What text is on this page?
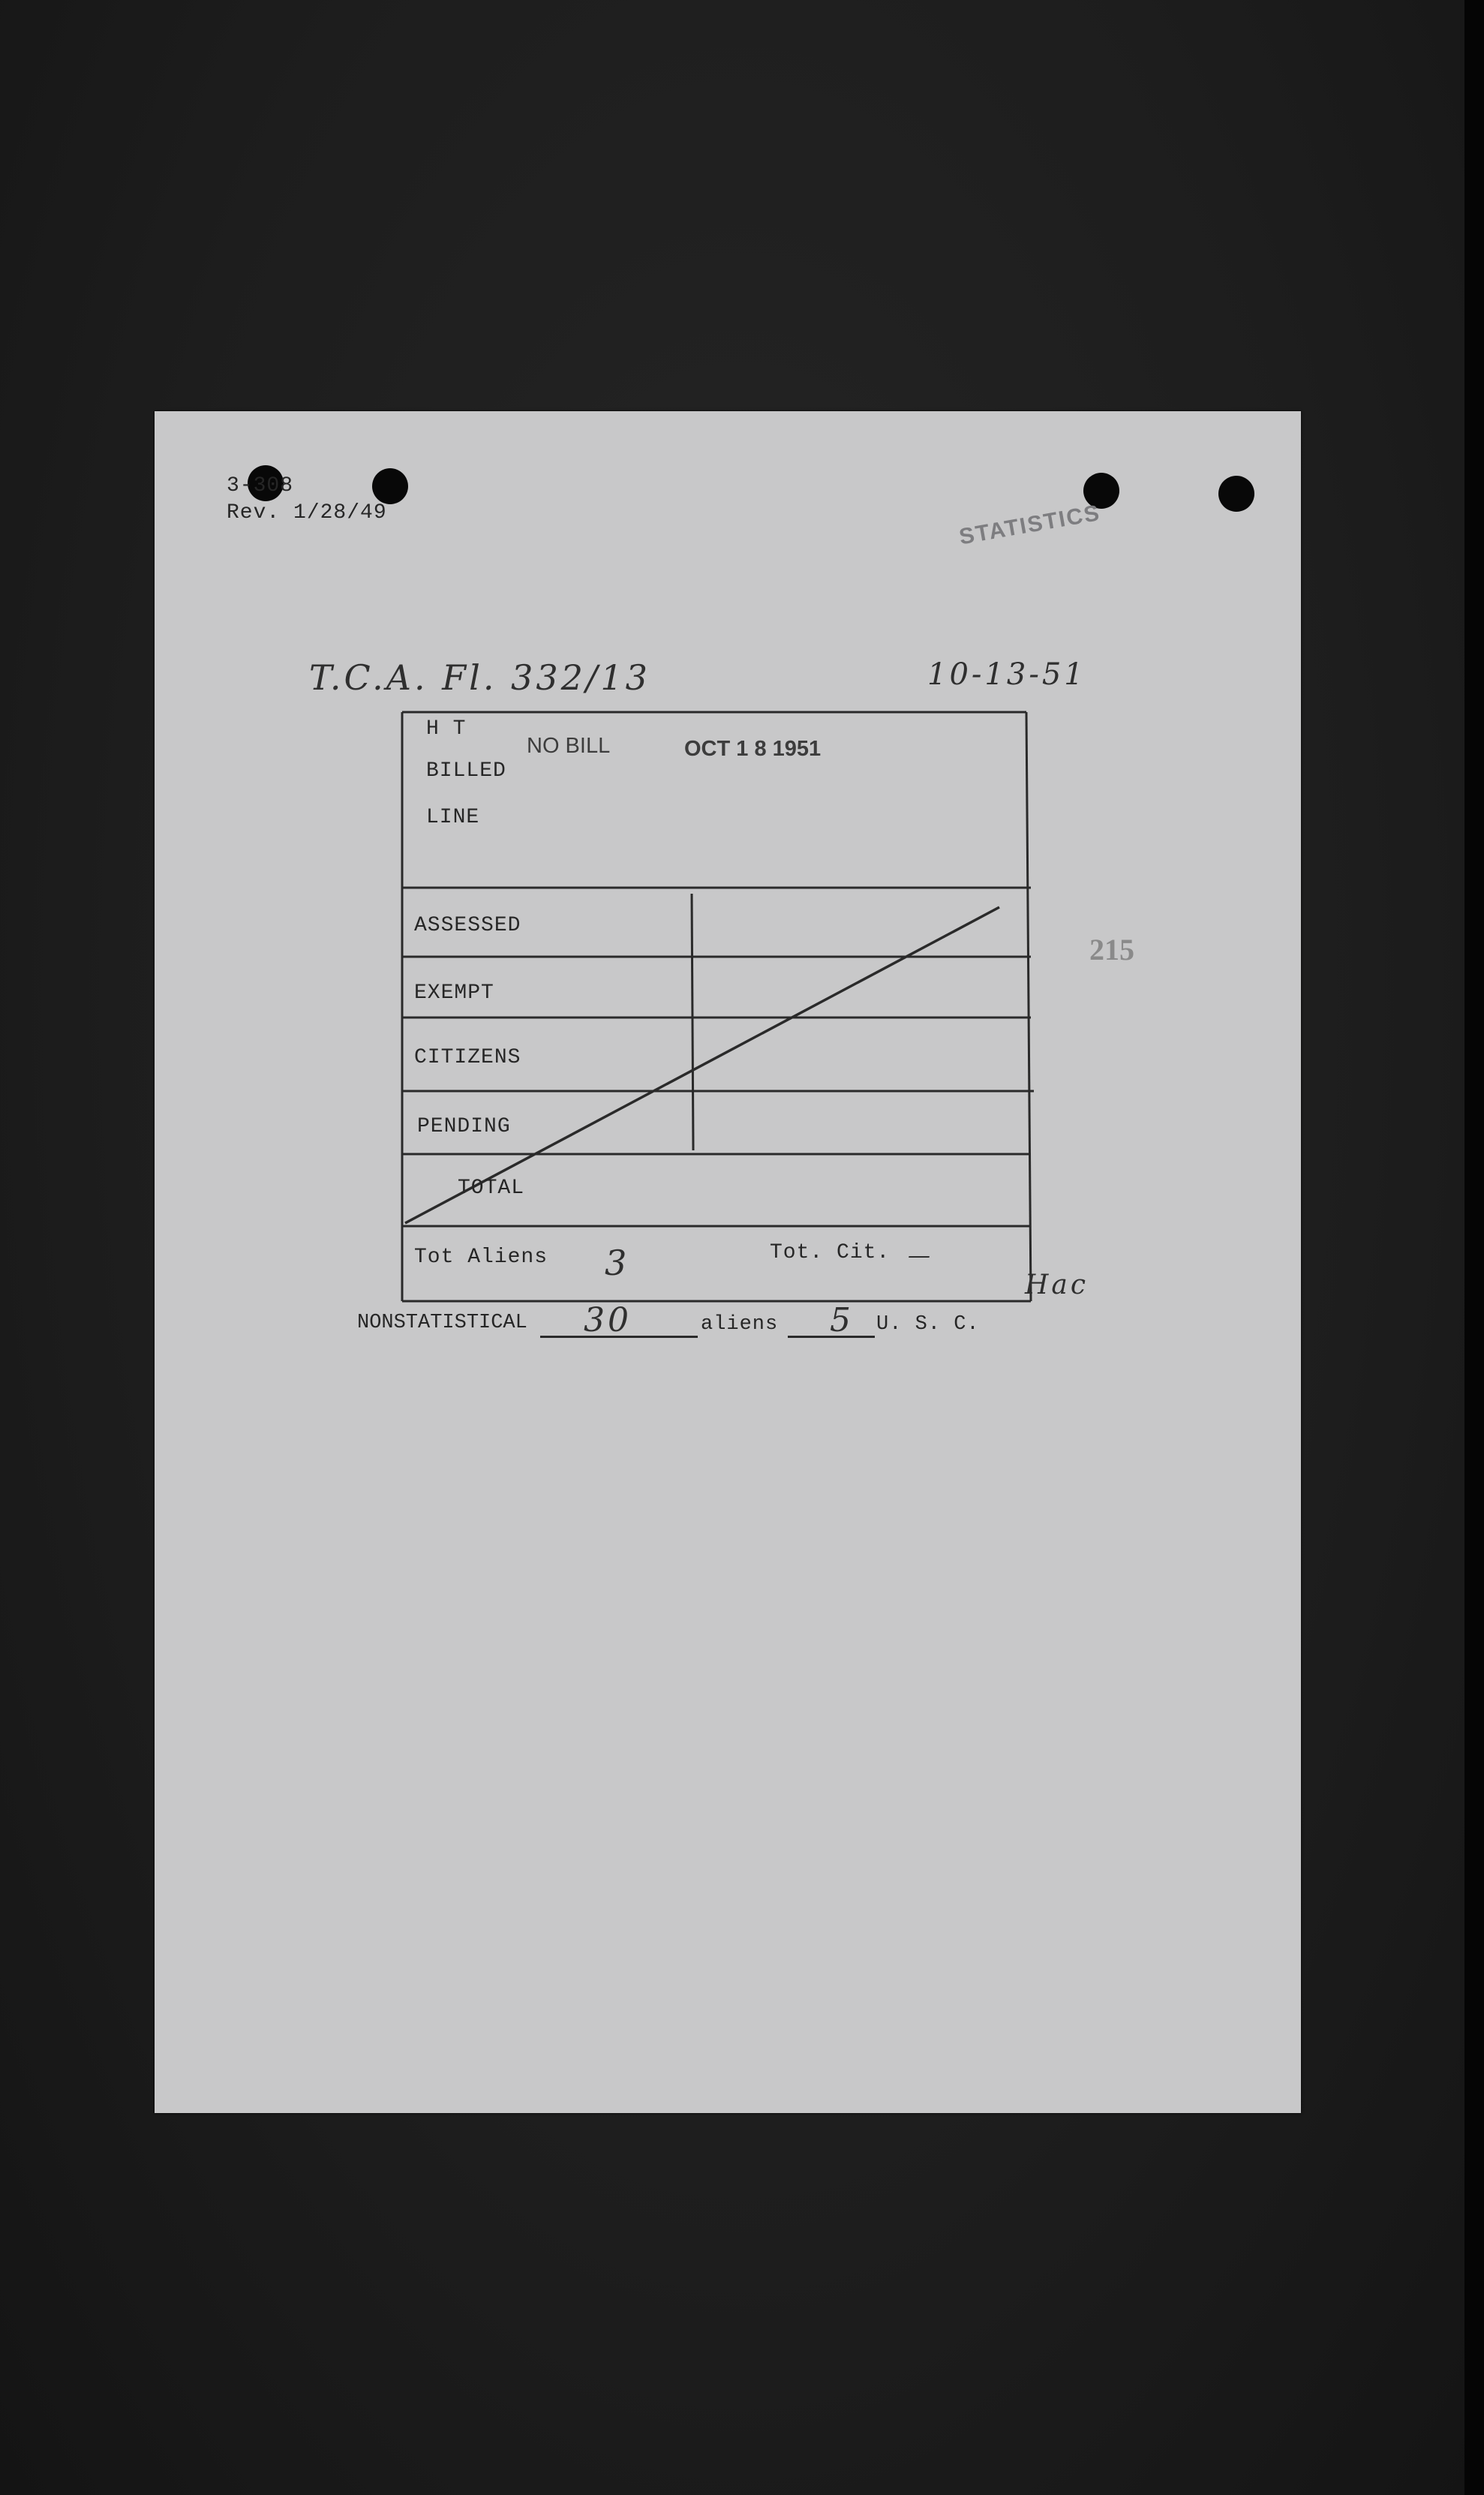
3-308
Rev. 1/28/49	STATISTICS
T.C.A. Fl. 332/13	10-13-51
H T
BILLED
LINE
NO BILL	OCT 1 8 1951
ASSESSED
EXEMPT
CITIZENS
PENDING
TOTAL
215
Tot Aliens 3	Tot. Cit. —
Hac
NONSTATISTICAL 30	aliens 5 U. S. C.
